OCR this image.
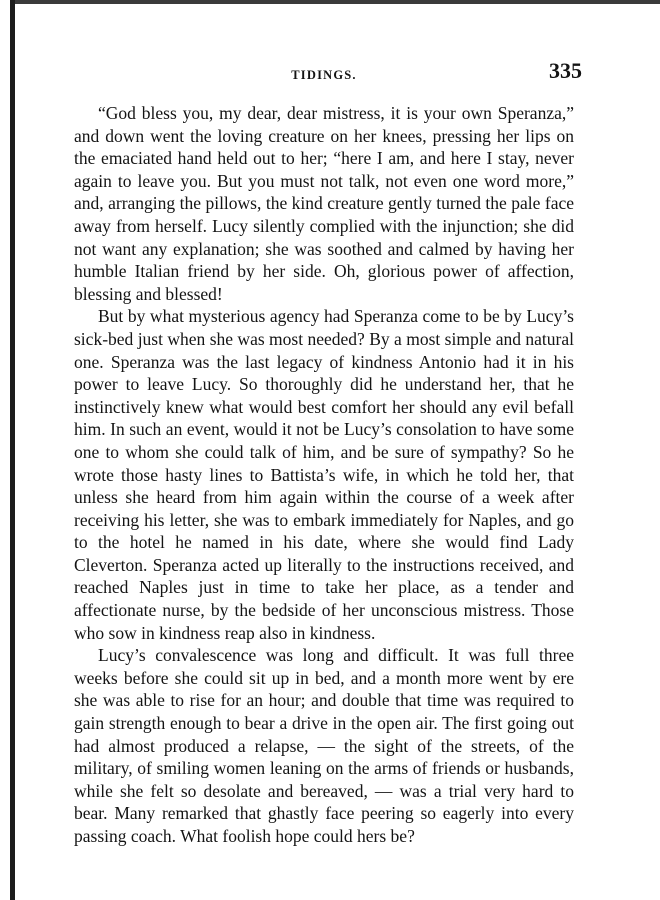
TIDINGS.	335

“God bless you, my dear, dear mistress, it is your own Speranza,” and down went the loving creature on her knees, pressing her lips on the emaciated hand held out to her; “here I am, and here I stay, never again to leave you. But you must not talk, not even one word more,” and, arranging the pillows, the kind creature gently turned the pale face away from herself. Lucy silently complied with the injunction; she did not want any explanation; she was soothed and calmed by having her humble Italian friend by her side. Oh, glorious power of affection, blessing and blessed!

But by what mysterious agency had Speranza come to be by Lucy’s sick-bed just when she was most needed? By a most simple and natural one. Speranza was the last legacy of kindness Antonio had it in his power to leave Lucy. So thoroughly did he understand her, that he instinctively knew what would best comfort her should any evil befall him. In such an event, would it not be Lucy’s consolation to have some one to whom she could talk of him, and be sure of sympathy? So he wrote those hasty lines to Battista’s wife, in which he told her, that unless she heard from him again within the course of a week after receiving his letter, she was to embark immediately for Naples, and go to the hotel he named in his date, where she would find Lady Cleverton. Speranza acted up literally to the instructions received, and reached Naples just in time to take her place, as a tender and affectionate nurse, by the bedside of her unconscious mistress. Those who sow in kindness reap also in kindness.

Lucy’s convalescence was long and difficult. It was full three weeks before she could sit up in bed, and a month more went by ere she was able to rise for an hour; and double that time was required to gain strength enough to bear a drive in the open air. The first going out had almost produced a relapse, — the sight of the streets, of the military, of smiling women leaning on the arms of friends or husbands, while she felt so desolate and bereaved, — was a trial very hard to bear. Many remarked that ghastly face peering so eagerly into every passing coach. What foolish hope could hers be?
